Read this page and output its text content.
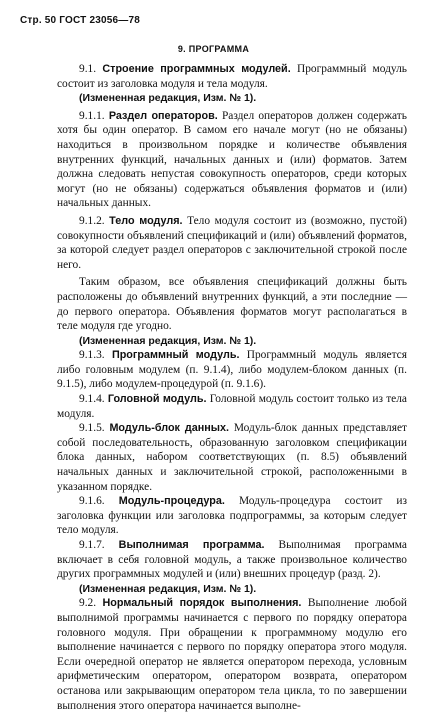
Стр. 50 ГОСТ 23056—78
9. ПРОГРАММА

9.1. Строение программных модулей. Программный модуль состоит из заголовка модуля и тела модуля.

(Измененная редакция, Изм. № 1).

9.1.1. Раздел операторов. Раздел операторов должен содержать хотя бы один оператор. В самом его начале могут (но не обязаны) находиться в произвольном порядке и количестве объявления внутренних функций, начальных данных и (или) форматов. Затем должна следовать непустая совокупность операторов, среди которых могут (но не обязаны) содержаться объявления форматов и (или) начальных данных.

9.1.2. Тело модуля. Тело модуля состоит из (возможно, пустой) совокупности объявлений спецификаций и (или) объявлений форматов, за которой следует раздел операторов с заключительной строкой после него.

Таким образом, все объявления спецификаций должны быть расположены до объявлений внутренних функций, а эти последние — до первого оператора. Объявления форматов могут располагаться в теле модуля где угодно.

(Измененная редакция, Изм. № 1).

9.1.3. Программный модуль. Программный модуль является либо головным модулем (п. 9.1.4), либо модулем-блоком данных (п. 9.1.5), либо модулем-процедурой (п. 9.1.6).

9.1.4. Головной модуль. Головной модуль состоит только из тела модуля.

9.1.5. Модуль-блок данных. Модуль-блок данных представляет собой последовательность, образованную заголовком спецификации блока данных, набором соответствующих (п. 8.5) объявлений начальных данных и заключительной строкой, расположенными в указанном порядке.

9.1.6. Модуль-процедура. Модуль-процедура состоит из заголовка функции или заголовка подпрограммы, за которым следует тело модуля.

9.1.7. Выполнимая программа. Выполнимая программа включает в себя головной модуль, а также произвольное количество других программных модулей и (или) внешних процедур (разд. 2).

(Измененная редакция, Изм. № 1).

9.2. Нормальный порядок выполнения. Выполнение любой выполнимой программы начинается с первого по порядку оператора головного модуля. При обращении к программному модулю его выполнение начинается с первого по порядку оператора этого модуля. Если очередной оператор не является оператором перехода, условным арифметическим оператором, оператором возврата, оператором останова или закрывающим оператором тела цикла, то по завершении выполнения этого оператора начинается выполне-
